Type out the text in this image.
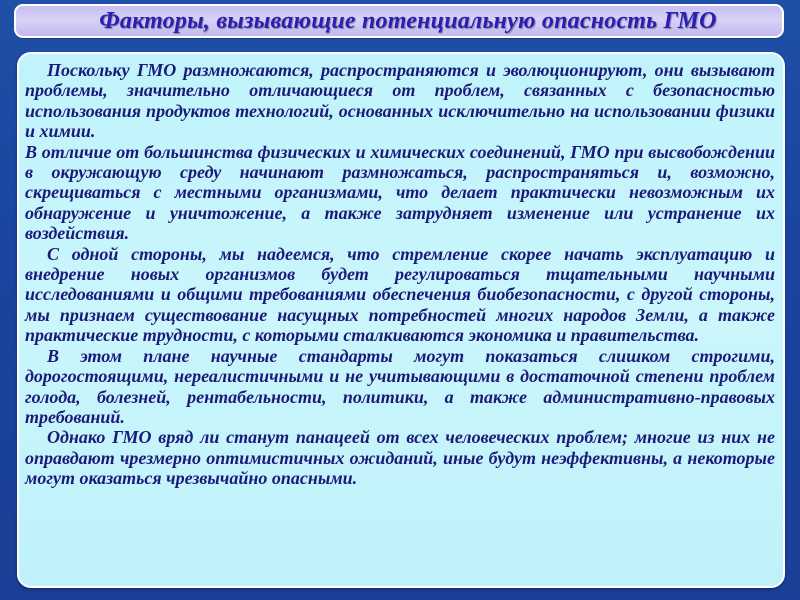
Факторы, вызывающие потенциальную опасность ГМО

Поскольку ГМО размножаются, распространяются и эволюционируют, они вызывают проблемы, значительно отличающиеся от проблем, связанных с безопасностью использования продуктов технологий, основанных исключительно на использовании физики и химии.

В отличие от большинства физических и химических соединений, ГМО при высвобождении в окружающую среду начинают размножаться, распространяться и, возможно, скрещиваться с местными организмами, что делает практически невозможным их обнаружение и уничтожение, а также затрудняет изменение или устранение их воздействия.

С одной стороны, мы надеемся, что стремление скорее начать эксплуатацию и внедрение новых организмов будет регулироваться тщательными научными исследованиями и общими требованиями обеспечения биобезопасности, с другой стороны, мы признаем существование насущных потребностей многих народов Земли, а также практические трудности, с которыми сталкиваются экономика и правительства.

В этом плане научные стандарты могут показаться слишком строгими, дорогостоящими, нереалистичными и не учитывающими в достаточной степени проблем голода, болезней, рентабельности, политики, а также административно-правовых требований.

Однако ГМО вряд ли станут панацеей от всех человеческих проблем; многие из них не оправдают чрезмерно оптимистичных ожиданий, иные будут неэффективны, а некоторые могут оказаться чрезвычайно опасными.
